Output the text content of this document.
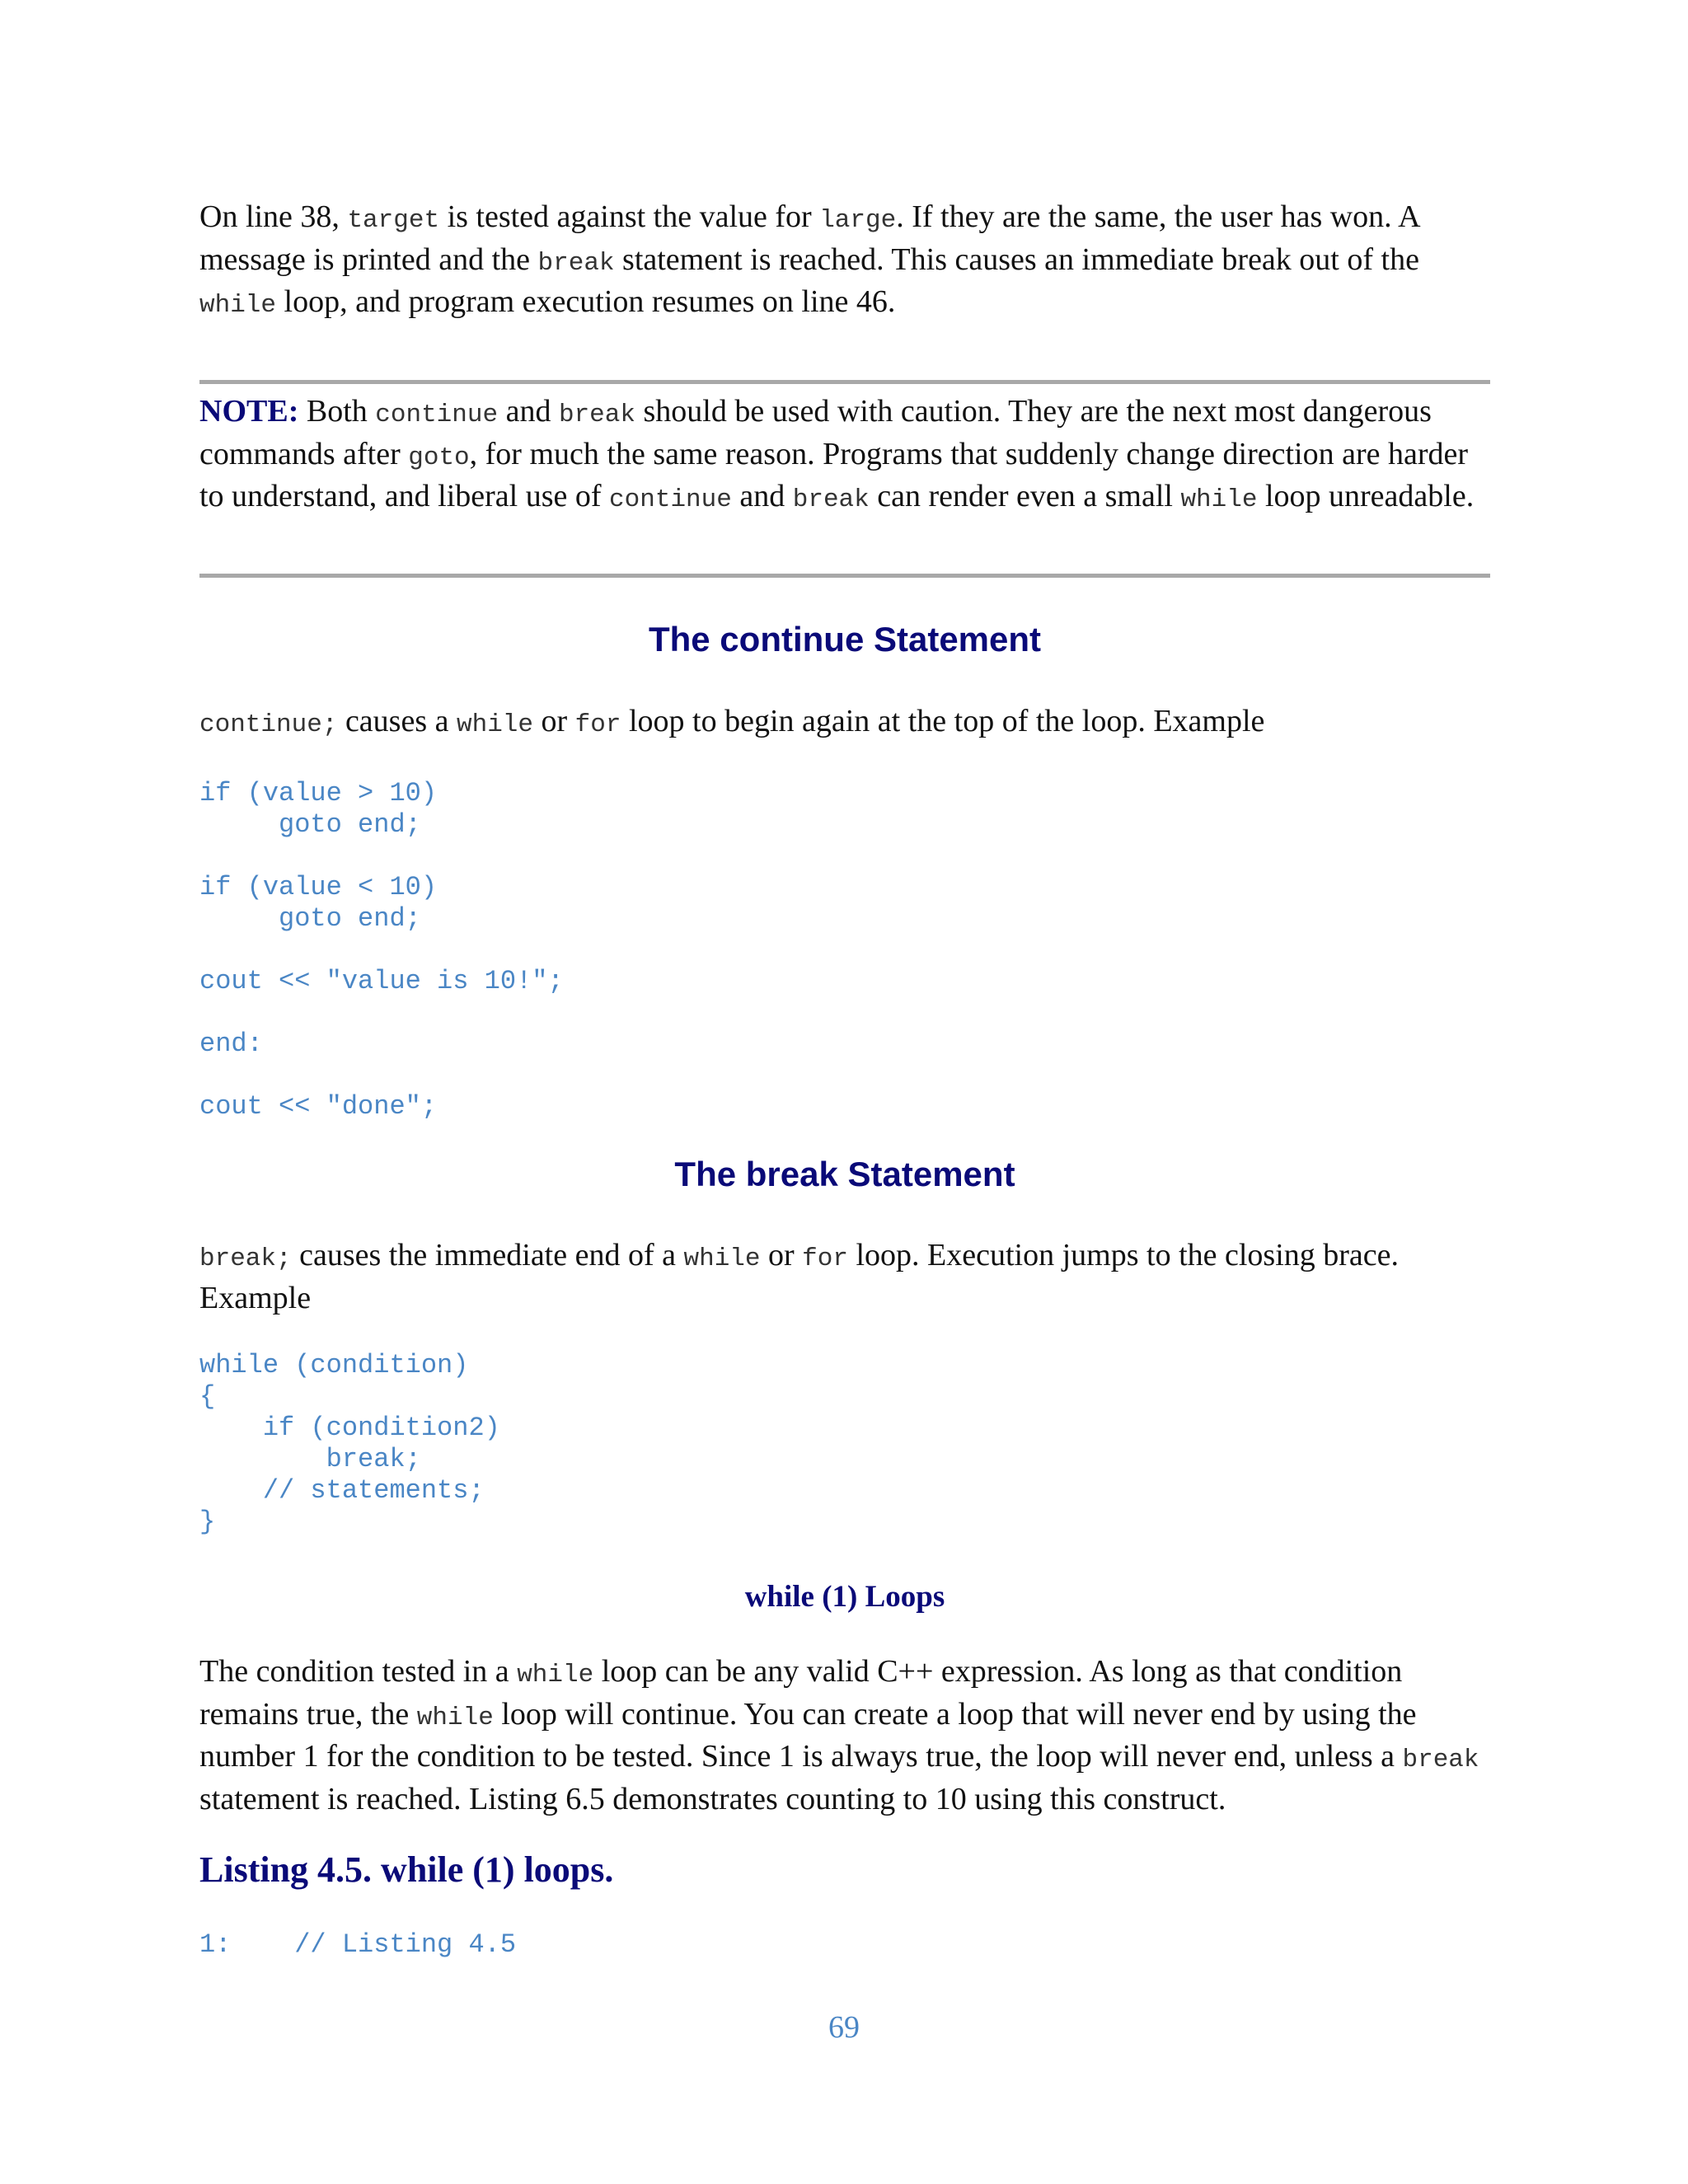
On line 38, target is tested against the value for large. If they are the same, the user has won. A message is printed and the break statement is reached. This causes an immediate break out of the while loop, and program execution resumes on line 46.

NOTE: Both continue and break should be used with caution. They are the next most dangerous commands after goto, for much the same reason. Programs that suddenly change direction are harder to understand, and liberal use of continue and break can render even a small while loop unreadable.

The continue Statement

continue; causes a while or for loop to begin again at the top of the loop. Example

if (value > 10)
goto end;

if (value < 10)
goto end;

cout << "value is 10!";

end:

cout << "done";
The break Statement

break; causes the immediate end of a while or for loop. Execution jumps to the closing brace. Example

while (condition)
{
if (condition2)
break;
// statements;
}
while (1) Loops

The condition tested in a while loop can be any valid C++ expression. As long as that condition remains true, the while loop will continue. You can create a loop that will never end by using the number 1 for the condition to be tested. Since 1 is always true, the loop will never end, unless a break statement is reached. Listing 6.5 demonstrates counting to 10 using this construct.

Listing 4.5. while (1) loops.
1:    // Listing 4.5
69
